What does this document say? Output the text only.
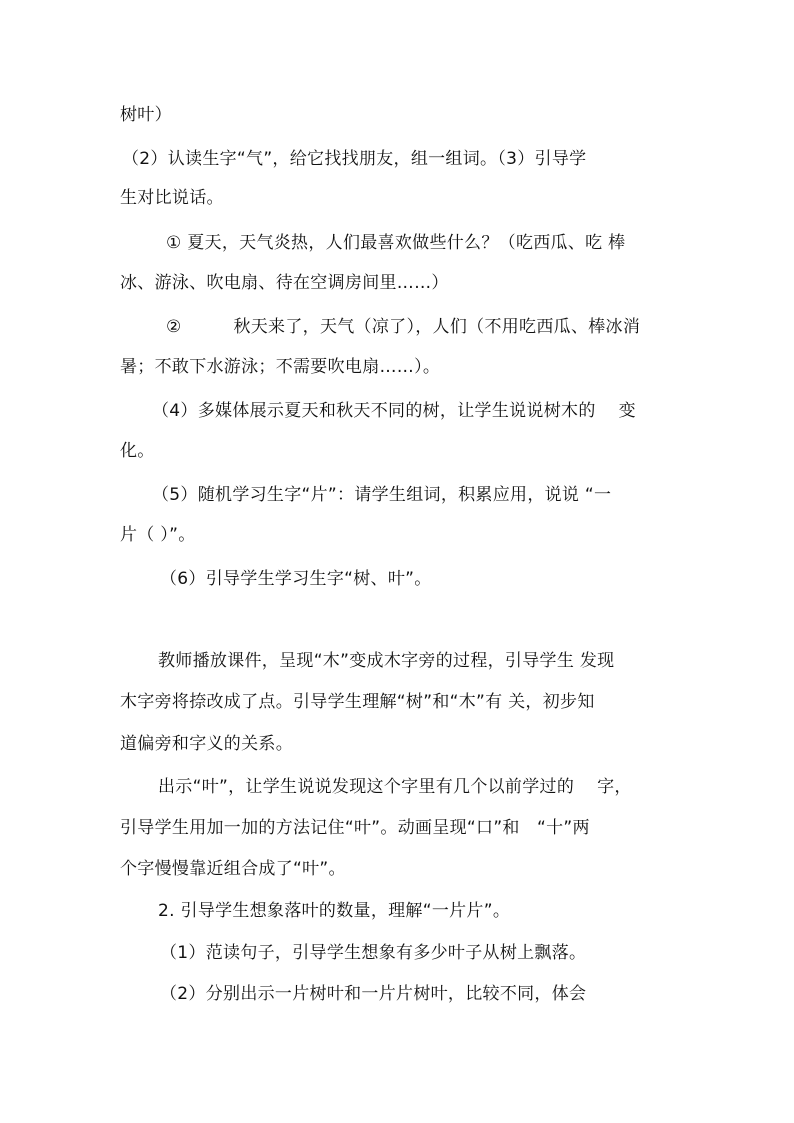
树叶）
（2）认读生字“气”，给它找找朋友，组一组词。（3）引导学
生对比说话。
① 夏天，天气炎热，人们最喜欢做些什么？（吃西瓜、吃 棒
冰、游泳、吹电扇、待在空调房间里……）
②　　　秋天来了，天气（凉了），人们（不用吃西瓜、棒冰消
暑；不敢下水游泳；不需要吹电扇……）。
（4）多媒体展示夏天和秋天不同的树，让学生说说树木的　 变
化。
（5）随机学习生字“片”：请学生组词，积累应用，说说 “一
片（ ）”。
（6）引导学生学习生字“树、叶”。
教师播放课件，呈现“木”变成木字旁的过程，引导学生 发现
木字旁将捺改成了点。引导学生理解“树”和“木”有 关，初步知
道偏旁和字义的关系。
出示“叶”，让学生说说发现这个字里有几个以前学过的　 字，
引导学生用加一加的方法记住“叶”。动画呈现“口”和　“十”两
个字慢慢靠近组合成了“叶”。
2. 引导学生想象落叶的数量，理解“一片片”。
（1）范读句子，引导学生想象有多少叶子从树上飘落。
（2）分别出示一片树叶和一片片树叶，比较不同，体会
